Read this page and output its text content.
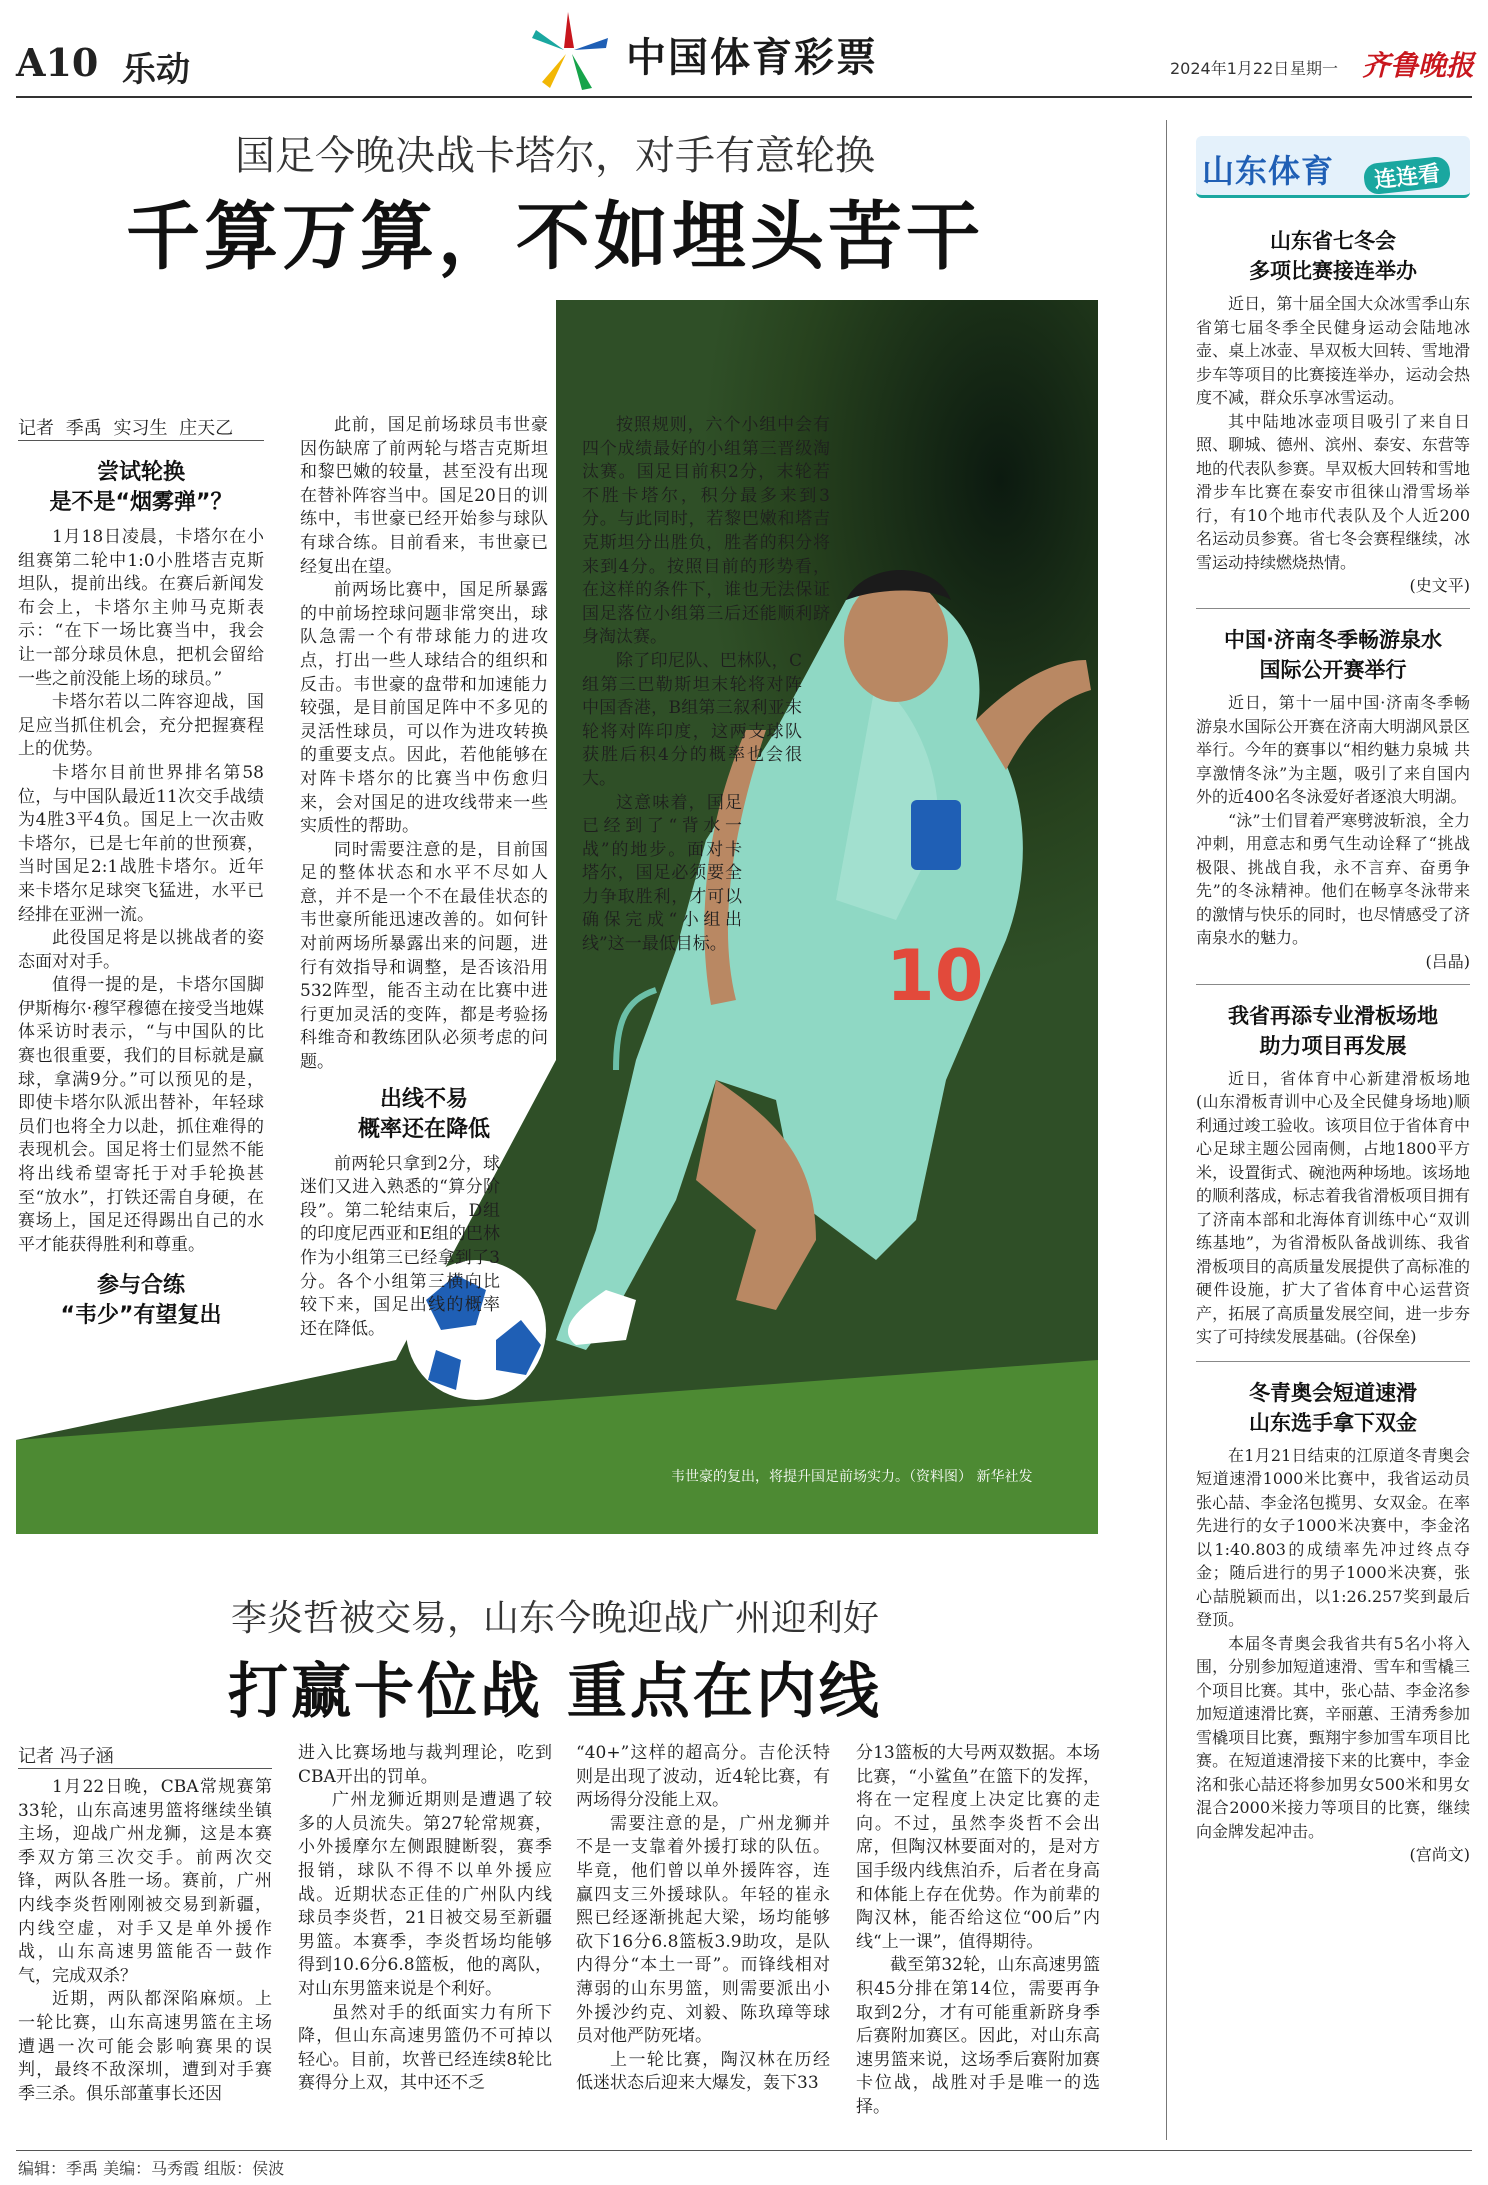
A10 乐动	中国体育彩票	2024年1月22日 星期一 齐鲁晚报
国足今晚决战卡塔尔，对手有意轮换
千算万算，不如埋头苦干
10
韦世豪的复出，将提升国足前场实力。（资料图） 新华社发
记者 季禹 实习生 庄天乙
尝试轮换
是不是“烟雾弹”？

1月18日凌晨，卡塔尔在小组赛第二轮中1:0小胜塔吉克斯坦队，提前出线。在赛后新闻发布会上，卡塔尔主帅马克斯表示：“在下一场比赛当中，我会让一部分球员休息，把机会留给一些之前没能上场的球员。”

卡塔尔若以二阵容迎战，国足应当抓住机会，充分把握赛程上的优势。

卡塔尔目前世界排名第58位，与中国队最近11次交手战绩为4胜3平4负。国足上一次击败卡塔尔，已是七年前的世预赛，当时国足2:1战胜卡塔尔。近年来卡塔尔足球突飞猛进，水平已经排在亚洲一流。

此役国足将是以挑战者的姿态面对对手。

值得一提的是，卡塔尔国脚伊斯梅尔·穆罕穆德在接受当地媒体采访时表示，“与中国队的比赛也很重要，我们的目标就是赢球，拿满9分。”可以预见的是，即使卡塔尔队派出替补，年轻球员们也将全力以赴，抓住难得的表现机会。国足将士们显然不能将出线希望寄托于对手轮换甚至“放水”，打铁还需自身硬，在赛场上，国足还得踢出自己的水平才能获得胜利和尊重。

参与合练
“韦少”有望复出

此前，国足前场球员韦世豪因伤缺席了前两轮与塔吉克斯坦和黎巴嫩的较量，甚至没有出现在替补阵容当中。国足20日的训练中，韦世豪已经开始参与球队有球合练。目前看来，韦世豪已经复出在望。

前两场比赛中，国足所暴露的中前场控球问题非常突出，球队急需一个有带球能力的进攻点，打出一些人球结合的组织和反击。韦世豪的盘带和加速能力较强，是目前国足阵中不多见的灵活性球员，可以作为进攻转换的重要支点。因此，若他能够在对阵卡塔尔的比赛当中伤愈归来，会对国足的进攻线带来一些实质性的帮助。

同时需要注意的是，目前国足的整体状态和水平不尽如人意，并不是一个不在最佳状态的韦世豪所能迅速改善的。如何针对前两场所暴露出来的问题，进行有效指导和调整，是否该沿用532阵型，能否主动在比赛中进行更加灵活的变阵，都是考验扬科维奇和教练团队必须考虑的问题。

出线不易
概率还在降低

前两轮只拿到2分，球迷们又进入熟悉的“算分阶段”。第二轮结束后，D组的印度尼西亚和E组的巴林作为小组第三已经拿到了3分。各个小组第三横向比较下来，国足出线的概率还在降低。

按照规则，六个小组中会有四个成绩最好的小组第三晋级淘汰赛。国足目前积2分，末轮若不胜卡塔尔，积分最多来到3分。与此同时，若黎巴嫩和塔吉克斯坦分出胜负，胜者的积分将来到4分。按照目前的形势看，在这样的条件下，谁也无法保证国足落位小组第三后还能顺利跻身淘汰赛。

除了印尼队、巴林队，C组第三巴勒斯坦末轮将对阵中国香港，B组第三叙利亚末轮将对阵印度，这两支球队获胜后积4分的概率也会很大。

这意味着，国足已经到了“背水一战”的地步。面对卡塔尔，国足必须要全力争取胜利，才可以确保完成“小组出线”这一最低目标。

李炎哲被交易，山东今晚迎战广州迎利好
打赢卡位战 重点在内线
记者 冯子涵

1月22日晚，CBA常规赛第33轮，山东高速男篮将继续坐镇主场，迎战广州龙狮，这是本赛季双方第三次交手。前两次交锋，两队各胜一场。赛前，广州内线李炎哲刚刚被交易到新疆，内线空虚，对手又是单外援作战，山东高速男篮能否一鼓作气，完成双杀？

近期，两队都深陷麻烦。上一轮比赛，山东高速男篮在主场遭遇一次可能会影响赛果的误判，最终不敌深圳，遭到对手赛季三杀。俱乐部董事长还因

进入比赛场地与裁判理论，吃到CBA开出的罚单。

广州龙狮近期则是遭遇了较多的人员流失。第27轮常规赛，小外援摩尔左侧跟腱断裂，赛季报销，球队不得不以单外援应战。近期状态正佳的广州队内线球员李炎哲，21日被交易至新疆男篮。本赛季，李炎哲场均能够得到10.6分6.8篮板，他的离队，对山东男篮来说是个利好。

虽然对手的纸面实力有所下降，但山东高速男篮仍不可掉以轻心。目前，坎普已经连续8轮比赛得分上双，其中还不乏

“40+”这样的超高分。吉伦沃特则是出现了波动，近4轮比赛，有两场得分没能上双。

需要注意的是，广州龙狮并不是一支靠着外援打球的队伍。毕竟，他们曾以单外援阵容，连赢四支三外援球队。年轻的崔永熙已经逐渐挑起大梁，场均能够砍下16分6.8篮板3.9助攻，是队内得分“本土一哥”。而锋线相对薄弱的山东男篮，则需要派出小外援沙约克、刘毅、陈玖璋等球员对他严防死堵。

上一轮比赛，陶汉林在历经低迷状态后迎来大爆发，轰下33

分13篮板的大号两双数据。本场比赛，“小鲨鱼”在篮下的发挥，将在一定程度上决定比赛的走向。不过，虽然李炎哲不会出席，但陶汉林要面对的，是对方国手级内线焦泊乔，后者在身高和体能上存在优势。作为前辈的陶汉林，能否给这位“00后”内线“上一课”，值得期待。

截至第32轮，山东高速男篮积45分排在第14位，需要再争取到2分，才有可能重新跻身季后赛附加赛区。因此，对山东高速男篮来说，这场季后赛附加赛卡位战，战胜对手是唯一的选择。

山东体育	连连看
山东省七冬会
多项比赛接连举办

近日，第十届全国大众冰雪季山东省第七届冬季全民健身运动会陆地冰壶、桌上冰壶、旱双板大回转、雪地滑步车等项目的比赛接连举办，运动会热度不减，群众乐享冰雪运动。

其中陆地冰壶项目吸引了来自日照、聊城、德州、滨州、泰安、东营等地的代表队参赛。旱双板大回转和雪地滑步车比赛在泰安市徂徕山滑雪场举行，有10个地市代表队及个人近200名运动员参赛。省七冬会赛程继续，冰雪运动持续燃烧热情。

(史文平)
中国·济南冬季畅游泉水
国际公开赛举行

近日，第十一届中国·济南冬季畅游泉水国际公开赛在济南大明湖风景区举行。今年的赛事以“相约魅力泉城 共享激情冬泳”为主题，吸引了来自国内外的近400名冬泳爱好者逐浪大明湖。

“泳”士们冒着严寒劈波斩浪，全力冲刺，用意志和勇气生动诠释了“挑战极限、挑战自我，永不言弃、奋勇争先”的冬泳精神。他们在畅享冬泳带来的激情与快乐的同时，也尽情感受了济南泉水的魅力。

(吕晶)
我省再添专业滑板场地
助力项目再发展

近日，省体育中心新建滑板场地(山东滑板青训中心及全民健身场地)顺利通过竣工验收。该项目位于省体育中心足球主题公园南侧，占地1800平方米，设置街式、碗池两种场地。该场地的顺利落成，标志着我省滑板项目拥有了济南本部和北海体育训练中心“双训练基地”，为省滑板队备战训练、我省滑板项目的高质量发展提供了高标准的硬件设施，扩大了省体育中心运营资产，拓展了高质量发展空间，进一步夯实了可持续发展基础。(谷保垒)

冬青奥会短道速滑
山东选手拿下双金

在1月21日结束的江原道冬青奥会短道速滑1000米比赛中，我省运动员张心喆、李金洺包揽男、女双金。在率先进行的女子1000米决赛中，李金洺以1:40.803的成绩率先冲过终点夺金；随后进行的男子1000米决赛，张心喆脱颖而出，以1:26.257奖到最后登顶。

本届冬青奥会我省共有5名小将入围，分别参加短道速滑、雪车和雪橇三个项目比赛。其中，张心喆、李金洺参加短道速滑比赛，辛丽蕙、王清秀参加雪橇项目比赛，甄翔宇参加雪车项目比赛。在短道速滑接下来的比赛中，李金洺和张心喆还将参加男女500米和男女混合2000米接力等项目的比赛，继续向金牌发起冲击。

(宫尚文)
编辑：季禹 美编：马秀霞 组版：侯波
